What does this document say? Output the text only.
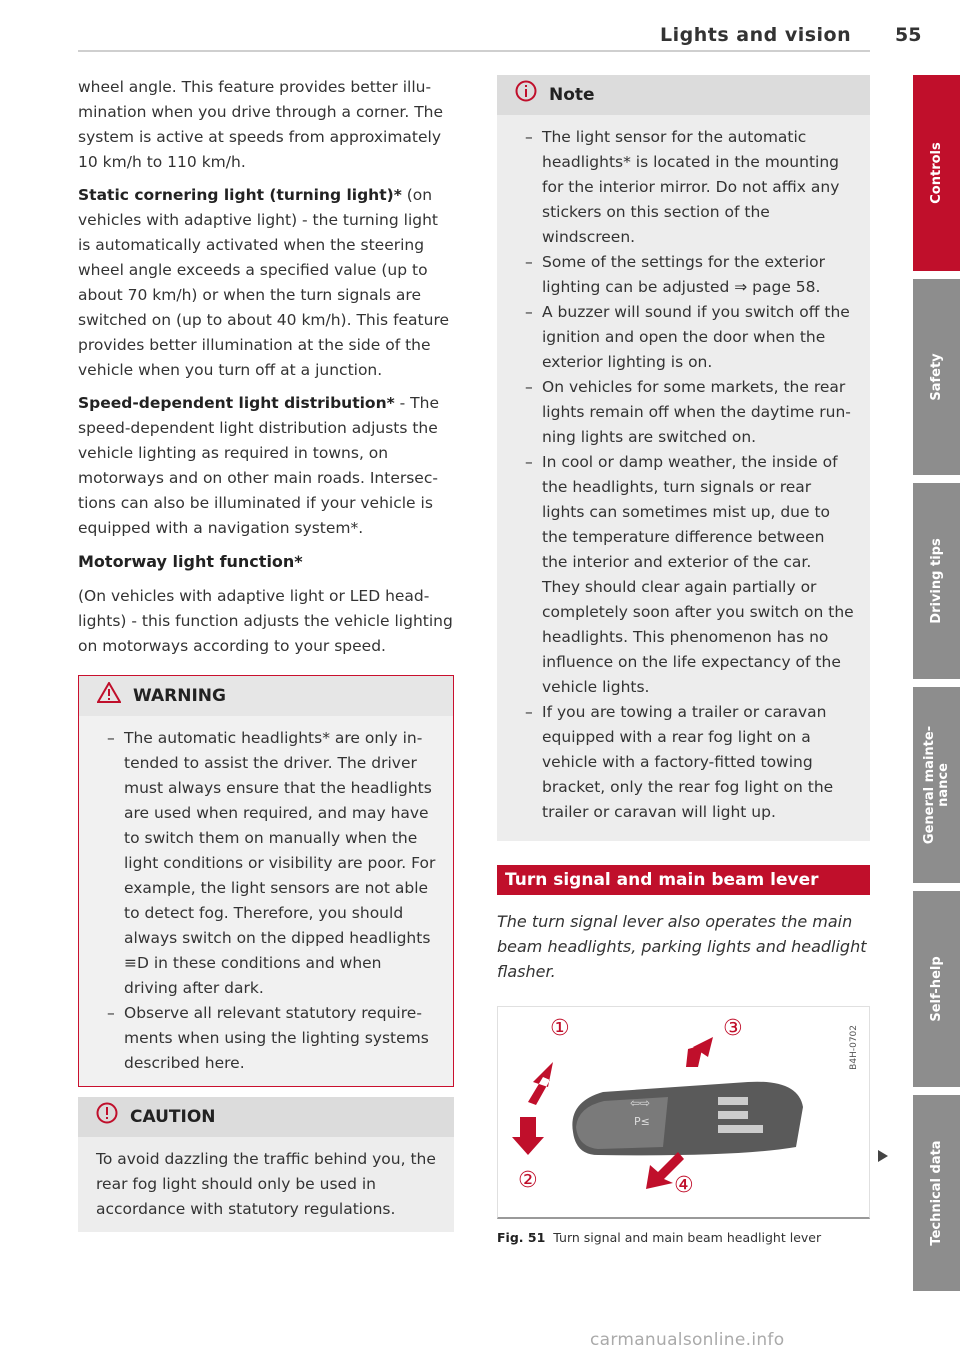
Lights and vision 55

wheel angle. This feature provides better illumination when you drive through a corner. The system is active at speeds from approximately 10 km/h to 110 km/h.

Static cornering light (turning light)* (on vehicles with adaptive light) - the turning light is automatically activated when the steering wheel angle exceeds a specified value (up to about 70 km/h) or when the turn signals are switched on (up to about 40 km/h). This feature provides better illumination at the side of the vehicle when you turn off at a junction.

Speed-dependent light distribution* - The speed-dependent light distribution adjusts the vehicle lighting as required in towns, on motorways and on other main roads. Intersections can also be illuminated if your vehicle is equipped with a navigation system*.

Motorway light function*

(On vehicles with adaptive light or LED headlights) - this function adjusts the vehicle lighting on motorways according to your speed.

WARNING
– The automatic headlights* are only intended to assist the driver. The driver must always ensure that the headlights are used when required, and may have to switch them on manually when the light conditions or visibility are poor. For example, the light sensors are not able to detect fog. Therefore, you should always switch on the dipped headlights ≡D in these conditions and when driving after dark.
– Observe all relevant statutory requirements when using the lighting systems described here.
CAUTION

To avoid dazzling the traffic behind you, the rear fog light should only be used in accordance with statutory regulations.

Note
– The light sensor for the automatic headlights* is located in the mounting for the interior mirror. Do not affix any stickers on this section of the windscreen.
– Some of the settings for the exterior lighting can be adjusted ⇒ page 58.
– A buzzer will sound if you switch off the ignition and open the door when the exterior lighting is on.
– On vehicles for some markets, the rear lights remain off when the daytime running lights are switched on.
– In cool or damp weather, the inside of the headlights, turn signals or rear lights can sometimes mist up, due to the temperature difference between the interior and exterior of the car. They should clear again partially or completely soon after you switch on the headlights. This phenomenon has no influence on the life expectancy of the vehicle lights.
– If you are towing a trailer or caravan equipped with a rear fog light on a vehicle with a factory-fitted towing bracket, only the rear fog light on the trailer or caravan will light up.
Turn signal and main beam lever
The turn signal lever also operates the main beam headlights, parking lights and headlight flasher.
⇦⇨
P≤
①
②
③
④
B4H-0702
Fig. 51 Turn signal and main beam headlight lever
Controls
Safety
Driving tips
General mainte-
nance
Self-help
Technical data
carmanualsonline.info
